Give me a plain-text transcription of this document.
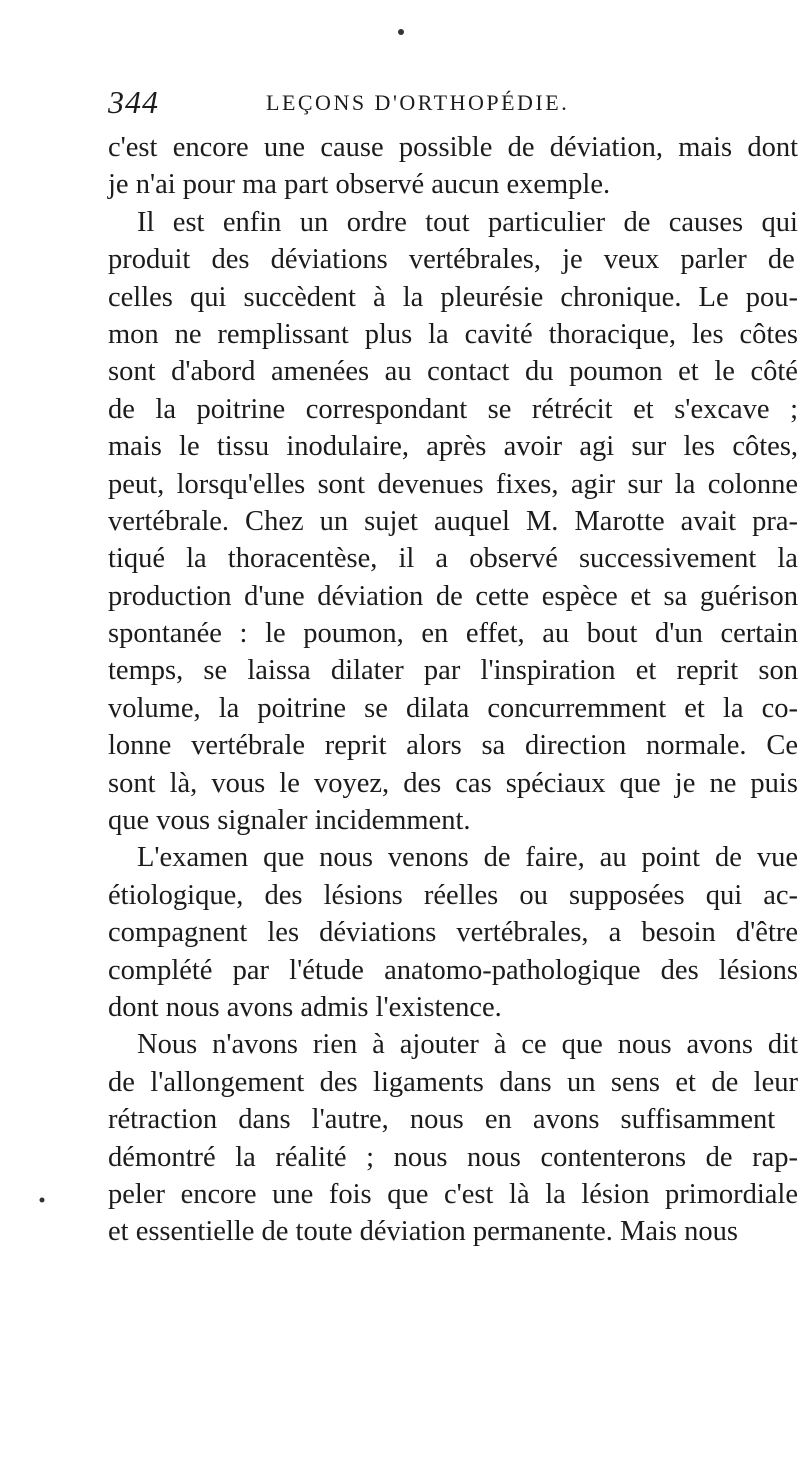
344	LEÇONS D'ORTHOPÉDIE.
c'est encore une cause possible de déviation, mais dont
je n'ai pour ma part observé aucun exemple.
Il est enfin un ordre tout particulier de causes qui
produit des déviations vertébrales, je veux parler de
celles qui succèdent à la pleurésie chronique. Le pou-
mon ne remplissant plus la cavité thoracique, les côtes
sont d'abord amenées au contact du poumon et le côté
de la poitrine correspondant se rétrécit et s'excave ;
mais le tissu inodulaire, après avoir agi sur les côtes,
peut, lorsqu'elles sont devenues fixes, agir sur la colonne
vertébrale. Chez un sujet auquel M. Marotte avait pra-
tiqué la thoracentèse, il a observé successivement la
production d'une déviation de cette espèce et sa guérison
spontanée : le poumon, en effet, au bout d'un certain
temps, se laissa dilater par l'inspiration et reprit son
volume, la poitrine se dilata concurremment et la co-
lonne vertébrale reprit alors sa direction normale. Ce
sont là, vous le voyez, des cas spéciaux que je ne puis
que vous signaler incidemment.
L'examen que nous venons de faire, au point de vue
étiologique, des lésions réelles ou supposées qui ac-
compagnent les déviations vertébrales, a besoin d'être
complété par l'étude anatomo-pathologique des lésions
dont nous avons admis l'existence.
Nous n'avons rien à ajouter à ce que nous avons dit
de l'allongement des ligaments dans un sens et de leur
rétraction dans l'autre, nous en avons suffisamment
démontré la réalité ; nous nous contenterons de rap-
peler encore une fois que c'est là la lésion primordiale
et essentielle de toute déviation permanente. Mais nous
